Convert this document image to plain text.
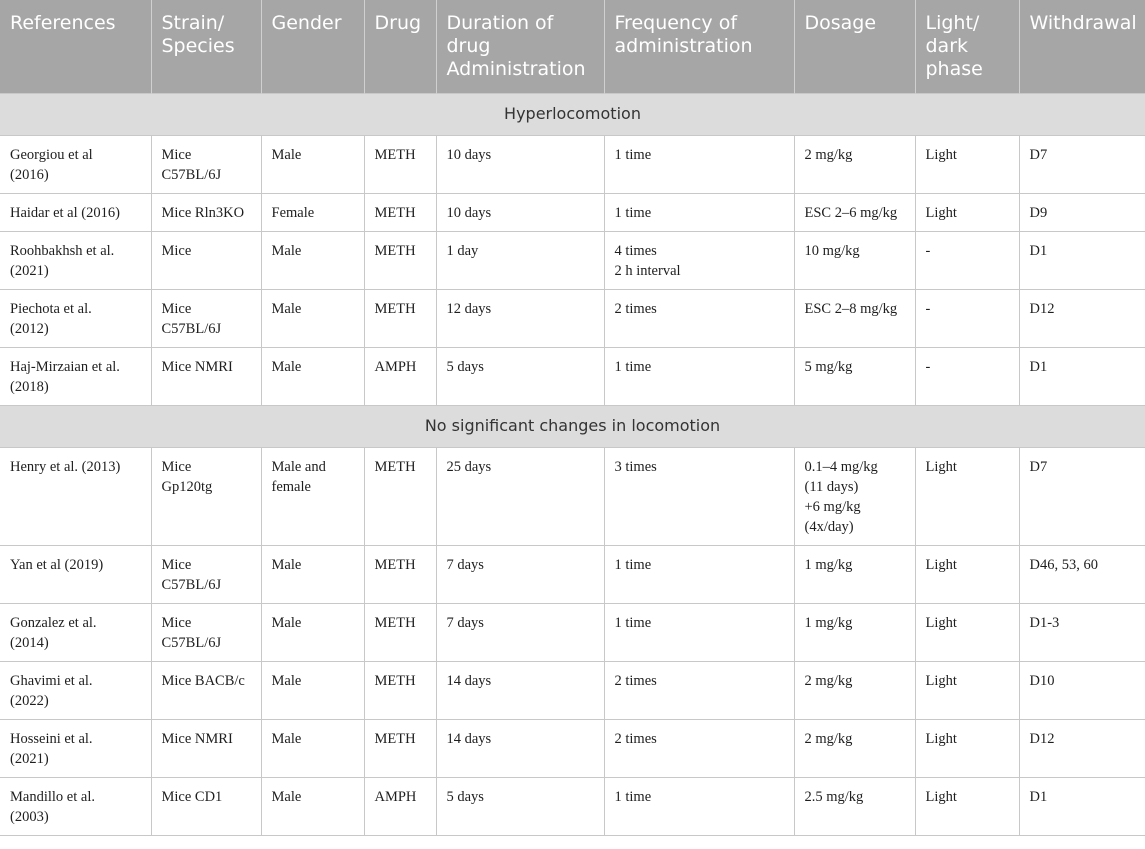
References	Strain/
Species	Gender	Drug	Duration of
drug
Administration	Frequency of
administration	Dosage	Light/
dark
phase	Withdrawal
Hyperlocomotion								
Georgiou et al
(2016)	Mice
C57BL/6J	Male	METH	10 days	1 time	2 mg/kg	Light	D7
Haidar et al (2016)	Mice Rln3KO	Female	METH	10 days	1 time	ESC 2–6 mg/kg	Light	D9
Roohbakhsh et al.
(2021)	Mice	Male	METH	1 day	4 times
2 h interval	10 mg/kg	-	D1
Piechota et al.
(2012)	Mice
C57BL/6J	Male	METH	12 days	2 times	ESC 2–8 mg/kg	-	D12
Haj-Mirzaian et al.
(2018)	Mice NMRI	Male	AMPH	5 days	1 time	5 mg/kg	-	D1
No significant changes in locomotion								
Henry et al. (2013)	Mice
Gp120tg	Male and
female	METH	25 days	3 times	0.1–4 mg/kg
(11 days)
+6 mg/kg
(4x/day)	Light	D7
Yan et al (2019)	Mice
C57BL/6J	Male	METH	7 days	1 time	1 mg/kg	Light	D46, 53, 60
Gonzalez et al.
(2014)	Mice
C57BL/6J	Male	METH	7 days	1 time	1 mg/kg	Light	D1-3
Ghavimi et al.
(2022)	Mice BACB/c	Male	METH	14 days	2 times	2 mg/kg	Light	D10
Hosseini et al.
(2021)	Mice NMRI	Male	METH	14 days	2 times	2 mg/kg	Light	D12
Mandillo et al.
(2003)	Mice CD1	Male	AMPH	5 days	1 time	2.5 mg/kg	Light	D1
